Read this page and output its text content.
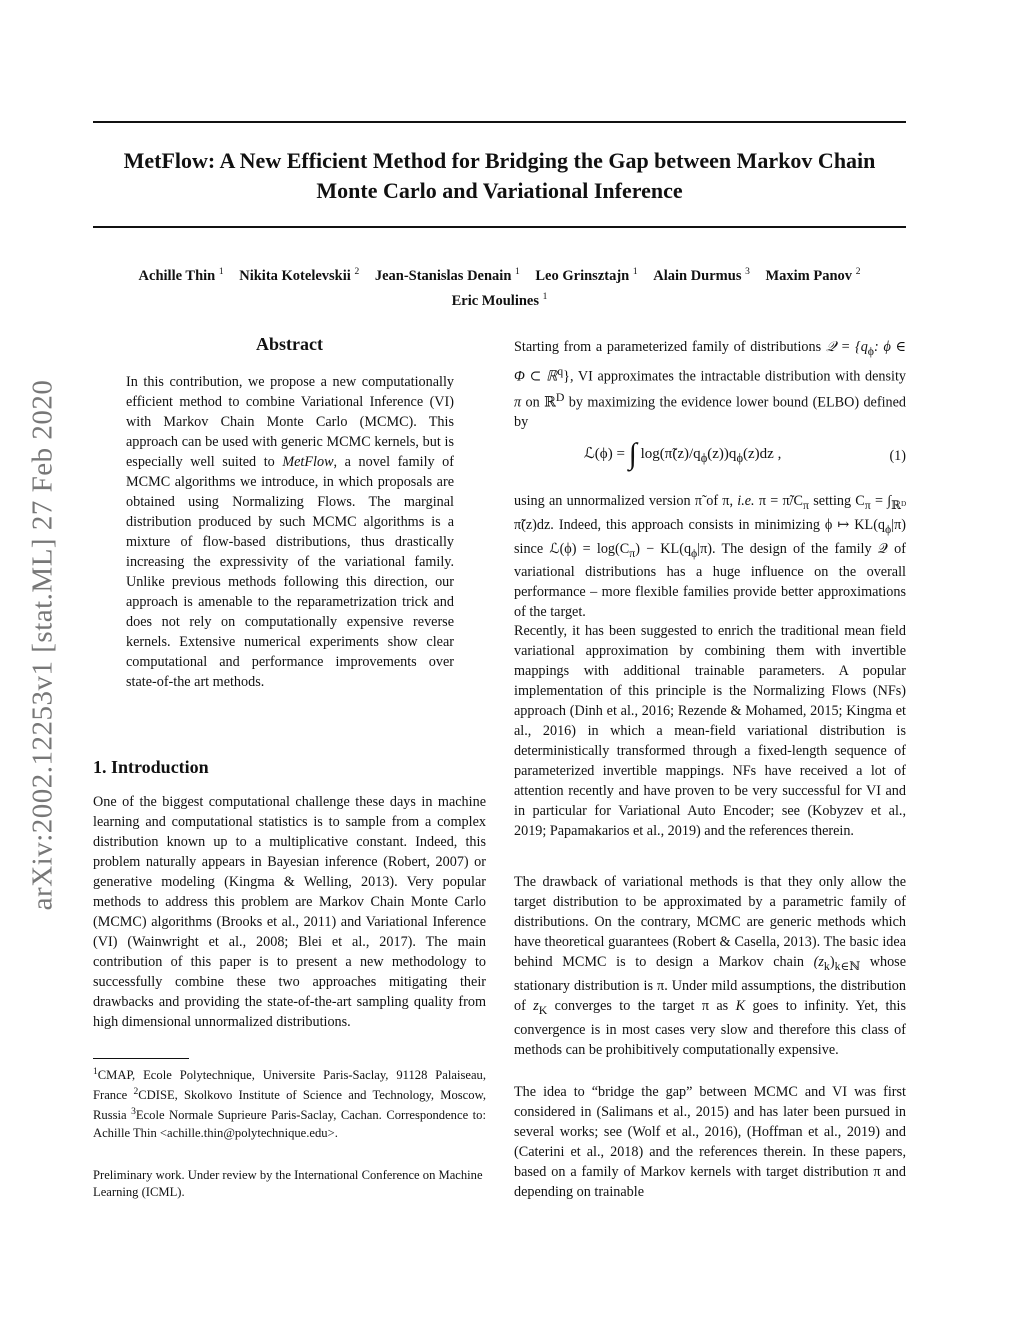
MetFlow: A New Efficient Method for Bridging the Gap between Markov Chain Monte Carlo and Variational Inference
Achille Thin $^1$ Nikita Kotelevskii $^2$ Jean-Stanislas Denain $^1$ Leo Grinsztajn $^1$ Alain Durmus $^3$ Maxim Panov $^2$
Eric Moulines $^1$
arXiv:2002.12253v1 [stat.ML] 27 Feb 2020
Abstract
In this contribution, we propose a new computationally efficient method to combine Variational Inference (VI) with Markov Chain Monte Carlo (MCMC). This approach can be used with generic MCMC kernels, but is especially well suited to MetFlow, a novel family of MCMC algorithms we introduce, in which proposals are obtained using Normalizing Flows. The marginal distribution produced by such MCMC algorithms is a mixture of flow-based distributions, thus drastically increasing the expressivity of the variational family. Unlike previous methods following this direction, our approach is amenable to the reparametrization trick and does not rely on computationally expensive reverse kernels. Extensive numerical experiments show clear computational and performance improvements over state-of-the art methods.
1. Introduction
One of the biggest computational challenge these days in machine learning and computational statistics is to sample from a complex distribution known up to a multiplicative constant. Indeed, this problem naturally appears in Bayesian inference (Robert, 2007) or generative modeling (Kingma & Welling, 2013). Very popular methods to address this problem are Markov Chain Monte Carlo (MCMC) algorithms (Brooks et al., 2011) and Variational Inference (VI) (Wainwright et al., 2008; Blei et al., 2017). The main contribution of this paper is to present a new methodology to successfully combine these two approaches mitigating their drawbacks and providing the state-of-the-art sampling quality from high dimensional unnormalized distributions.
$^1$CMAP, Ecole Polytechnique, Universite Paris-Saclay, 91128 Palaiseau, France $^2$CDISE, Skolkovo Institute of Science and Technology, Moscow, Russia $^3$Ecole Normale Suprieure Paris-Saclay, Cachan. Correspondence to: Achille Thin <achille.thin@polytechnique.edu>.
Preliminary work. Under review by the International Conference on Machine Learning (ICML).
Starting from a parameterized family of distributions 𝒬 = {$q_\phi$: ϕ ∈ Φ ⊂ ℝ$^q$}, VI approximates the intractable distribution with density π on ℝ$^D$ by maximizing the evidence lower bound (ELBO) defined by
ℒ(ϕ) = ∫ $\log(\pĩ(z)/q_\phi(z))q_\phi(z)dz$ ,	(1)
using an unnormalized version π̃ of π, i.e. $\pi = \pĩ/C_\pi$ setting $C_\pi = \int_{ℝᴰ}$ π̃(z)dz. Indeed, this approach consists in minimizing ϕ ↦ $KL(q_\phi|\pi)$ since ℒ(ϕ) = $\log(C_\pi) - KL(q_\phi|\pi)$. The design of the family 𝒬 of variational distributions has a huge influence on the overall performance – more flexible families provide better approximations of the target.
Recently, it has been suggested to enrich the traditional mean field variational approximation by combining them with invertible mappings with additional trainable parameters. A popular implementation of this principle is the Normalizing Flows (NFs) approach (Dinh et al., 2016; Rezende & Mohamed, 2015; Kingma et al., 2016) in which a mean-field variational distribution is deterministically transformed through a fixed-length sequence of parameterized invertible mappings. NFs have received a lot of attention recently and have proven to be very successful for VI and in particular for Variational Auto Encoder; see (Kobyzev et al., 2019; Papamakarios et al., 2019) and the references therein.
The drawback of variational methods is that they only allow the target distribution to be approximated by a parametric family of distributions. On the contrary, MCMC are generic methods which have theoretical guarantees (Robert & Casella, 2013). The basic idea behind MCMC is to design a Markov chain $(z_k)_{k\in ℕ}$ whose stationary distribution is π. Under mild assumptions, the distribution of $z_K$ converges to the target π as K goes to infinity. Yet, this convergence is in most cases very slow and therefore this class of methods can be prohibitively computationally expensive.
The idea to “bridge the gap” between MCMC and VI was first considered in (Salimans et al., 2015) and has later been pursued in several works; see (Wolf et al., 2016), (Hoffman et al., 2019) and (Caterini et al., 2018) and the references therein. In these papers, based on a family of Markov kernels with target distribution π and depending on trainable
